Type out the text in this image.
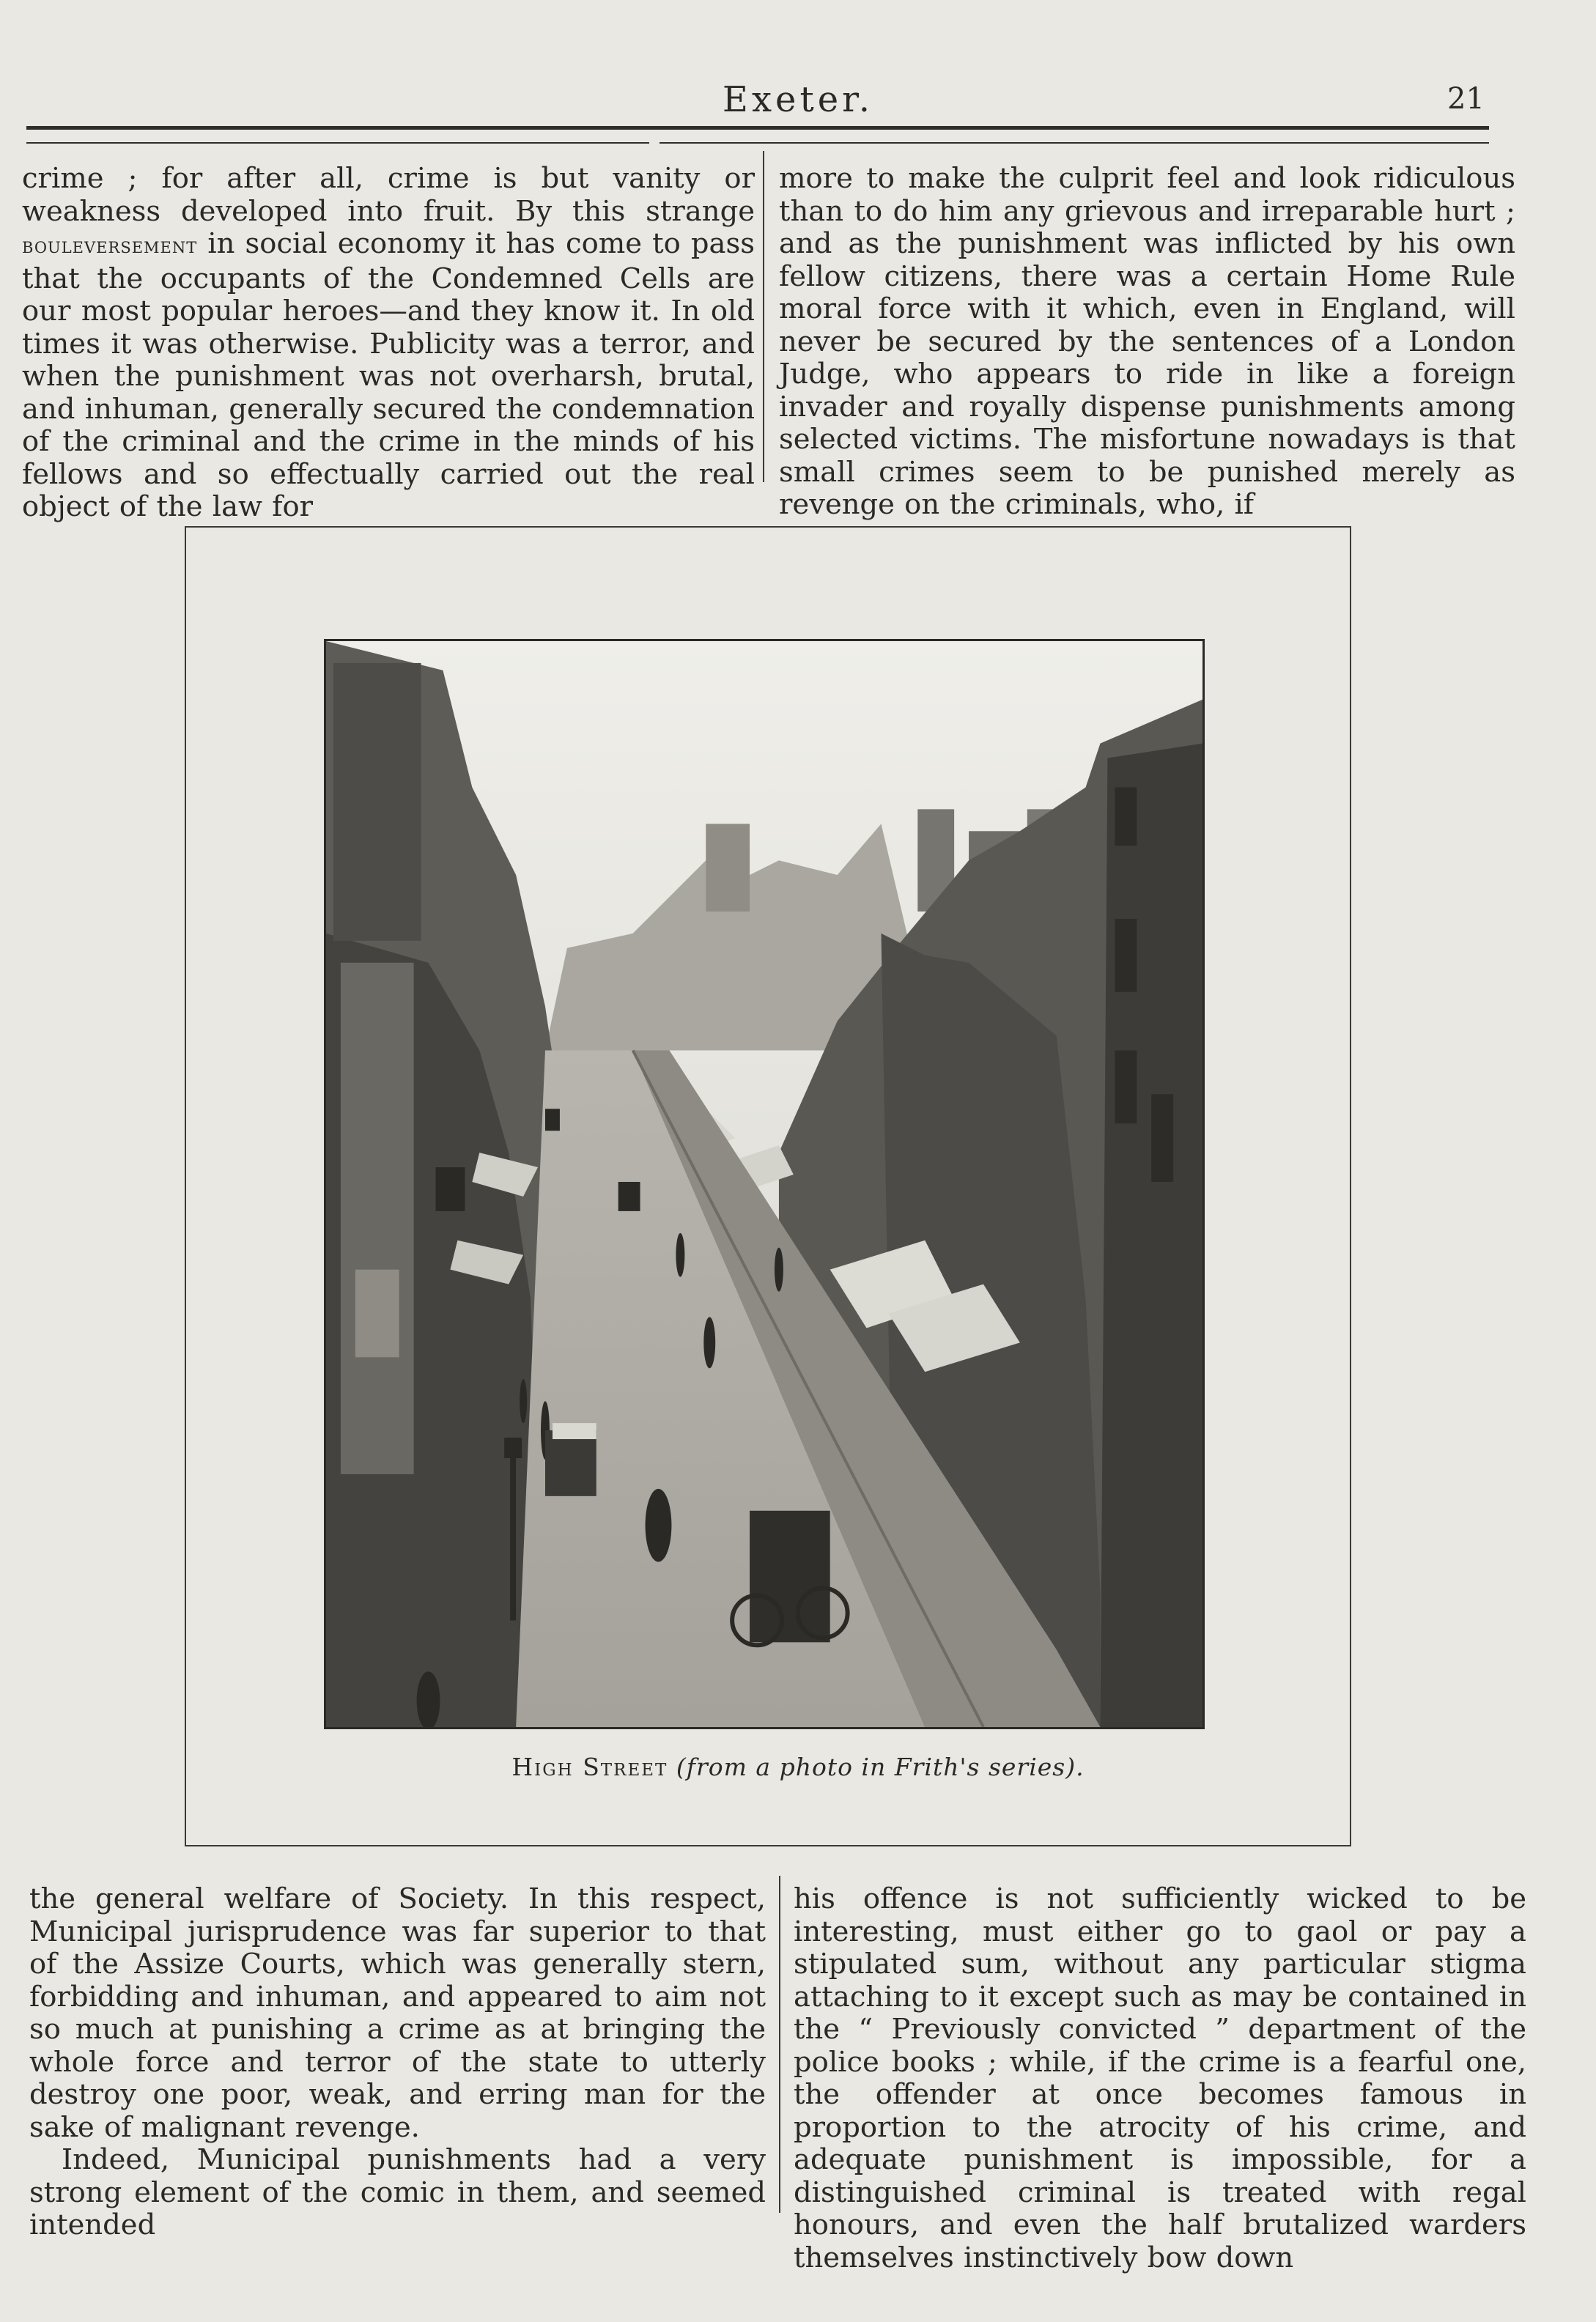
Exeter.	21

crime ; for after all, crime is but vanity or weakness developed into fruit. By this strange bouleversement in social economy it has come to pass that the occupants of the Condemned Cells are our most popular heroes—and they know it. In old times it was otherwise. Publicity was a terror, and when the punishment was not overharsh, brutal, and inhuman, generally secured the condemnation of the criminal and the crime in the minds of his fellows and so effectually carried out the real object of the law for

more to make the culprit feel and look ridiculous than to do him any grievous and irreparable hurt ; and as the punishment was inflicted by his own fellow citizens, there was a certain Home Rule moral force with it which, even in England, will never be secured by the sentences of a London Judge, who appears to ride in like a foreign invader and royally dispense punishments among selected victims. The misfortune nowadays is that small crimes seem to be punished merely as revenge on the criminals, who, if

High Street (from a photo in Frith's series).

the general welfare of Society. In this respect, Municipal jurisprudence was far superior to that of the Assize Courts, which was generally stern, forbidding and inhuman, and appeared to aim not so much at punishing a crime as at bringing the whole force and terror of the state to utterly destroy one poor, weak, and erring man for the sake of malignant revenge.

Indeed, Municipal punishments had a very strong element of the comic in them, and seemed intended

his offence is not sufficiently wicked to be interesting, must either go to gaol or pay a stipulated sum, without any particular stigma attaching to it except such as may be contained in the “ Previously convicted ” department of the police books ; while, if the crime is a fearful one, the offender at once becomes famous in proportion to the atrocity of his crime, and adequate punishment is impossible, for a distinguished criminal is treated with regal honours, and even the half brutalized warders themselves instinctively bow down
